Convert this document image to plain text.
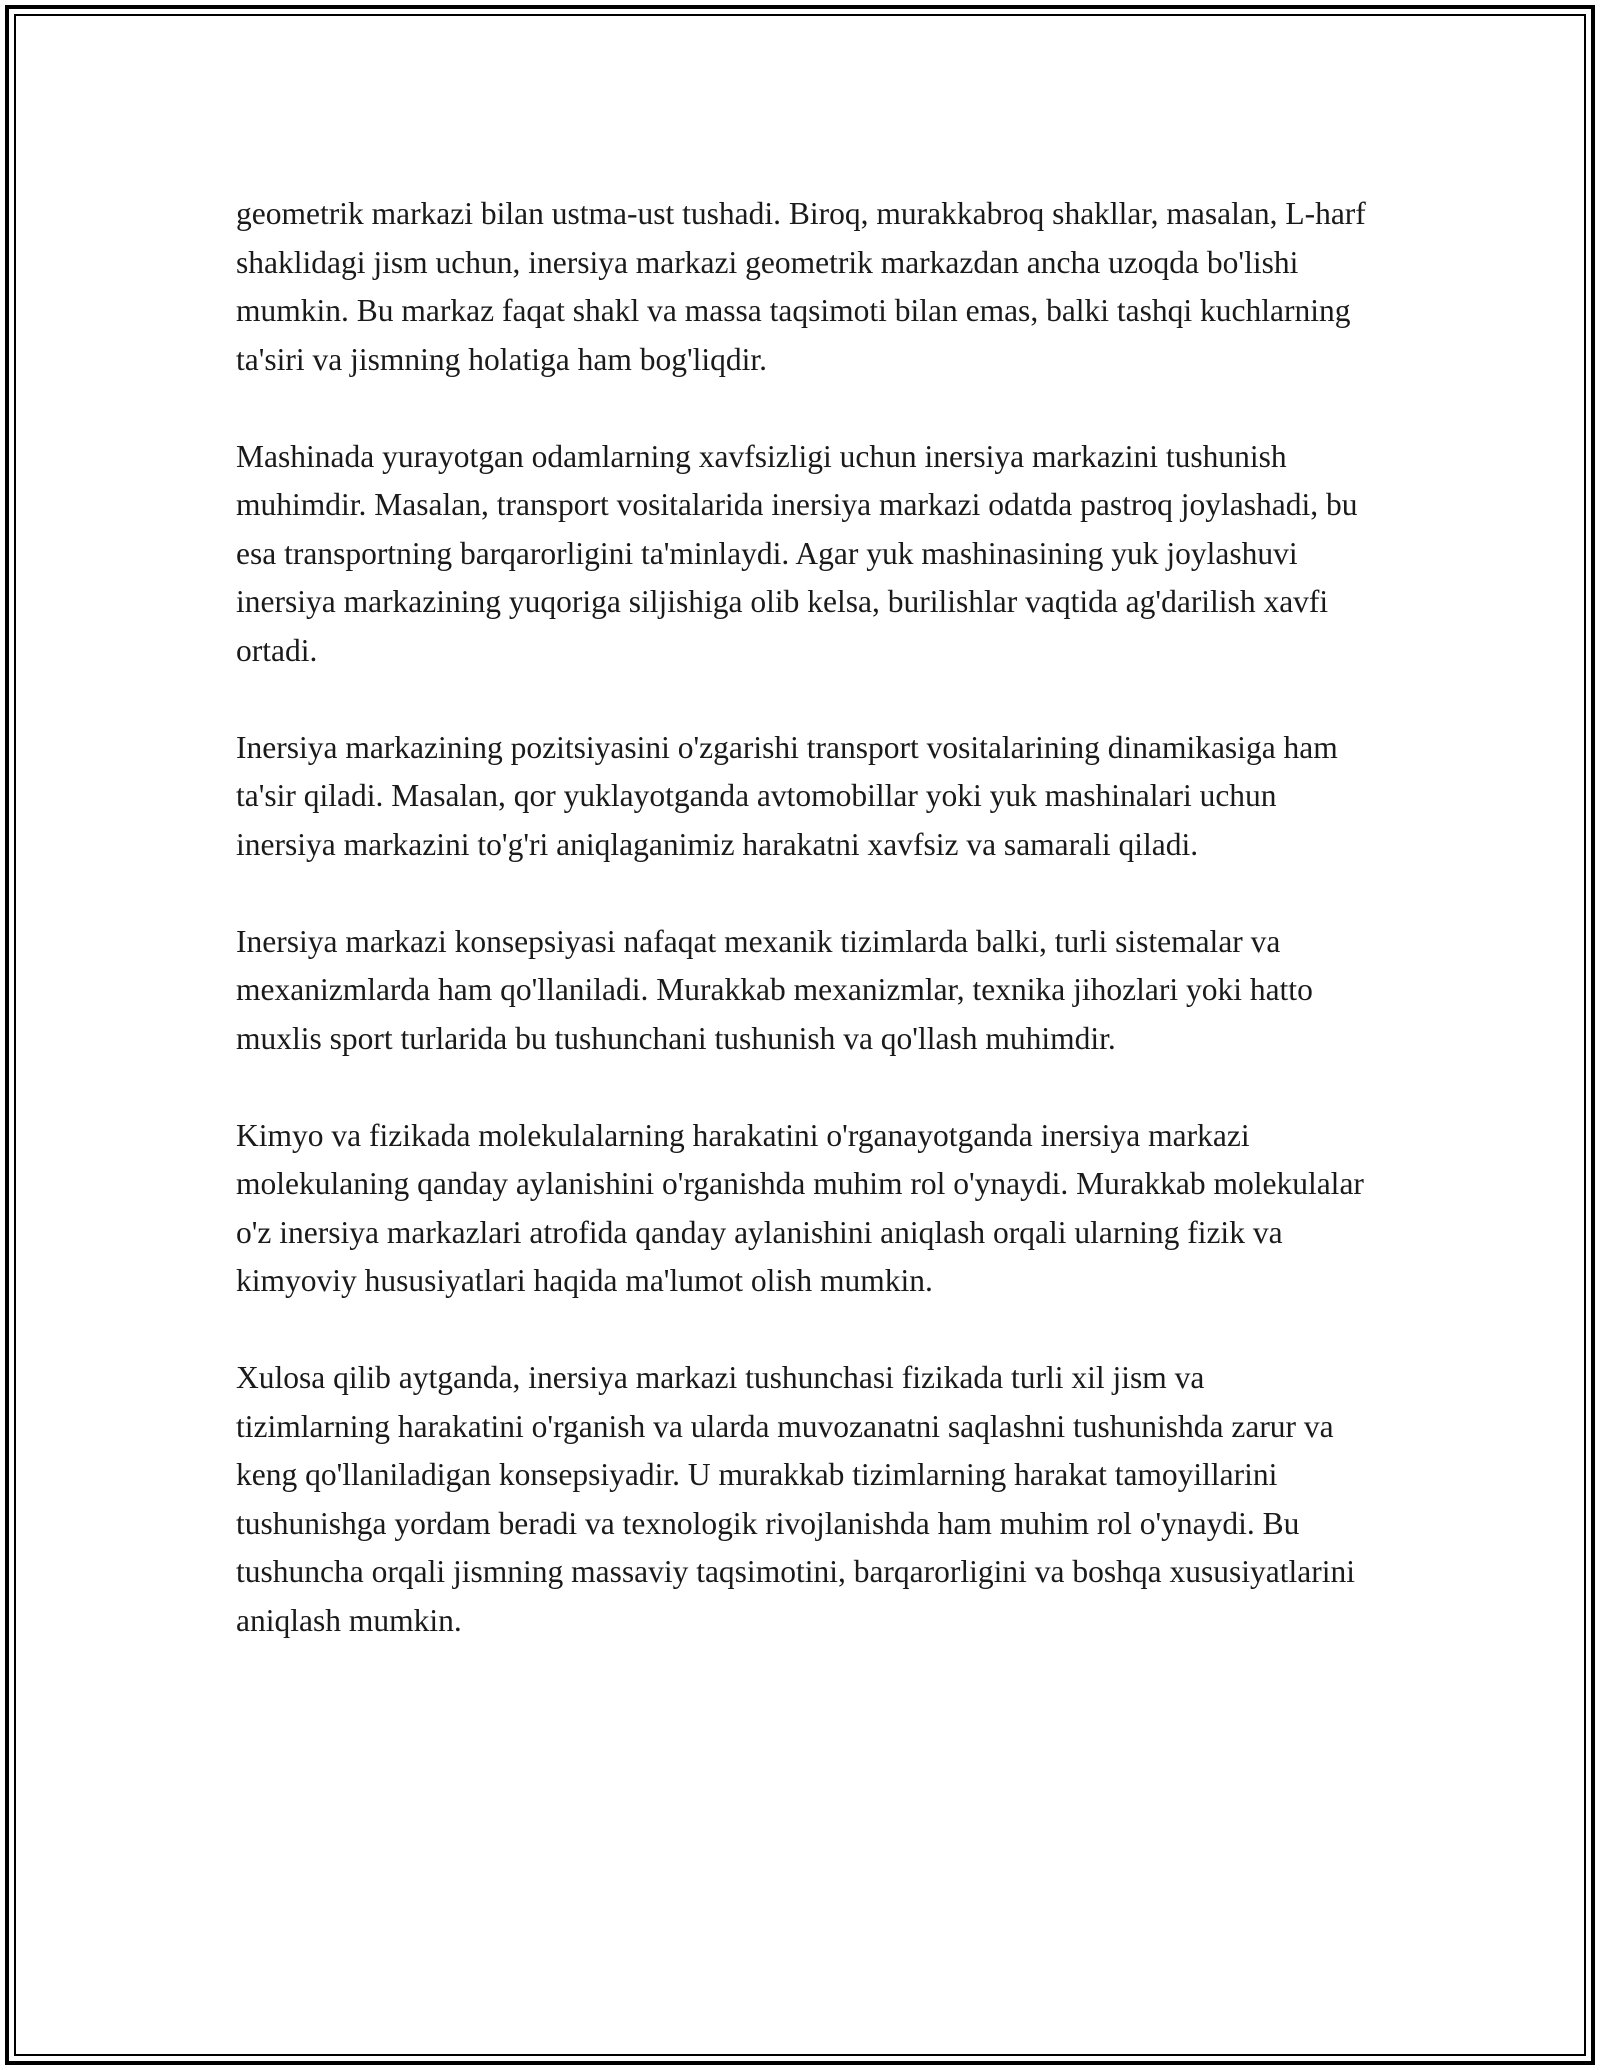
geometrik markazi bilan ustma-ust tushadi. Biroq, murakkabroq shakllar, masalan, L-harf shaklidagi jism uchun, inersiya markazi geometrik markazdan ancha uzoqda bo'lishi mumkin. Bu markaz faqat shakl va massa taqsimoti bilan emas, balki tashqi kuchlarning ta'siri va jismning holatiga ham bog'liqdir.

Mashinada yurayotgan odamlarning xavfsizligi uchun inersiya markazini tushunish muhimdir. Masalan, transport vositalarida inersiya markazi odatda pastroq joylashadi, bu esa transportning barqarorligini ta'minlaydi. Agar yuk mashinasining yuk joylashuvi inersiya markazining yuqoriga siljishiga olib kelsa, burilishlar vaqtida ag'darilish xavfi ortadi.

Inersiya markazining pozitsiyasini o'zgarishi transport vositalarining dinamikasiga ham ta'sir qiladi. Masalan, qor yuklayotganda avtomobillar yoki yuk mashinalari uchun inersiya markazini to'g'ri aniqlaganimiz harakatni xavfsiz va samarali qiladi.

Inersiya markazi konsepsiyasi nafaqat mexanik tizimlarda balki, turli sistemalar va mexanizmlarda ham qo'llaniladi. Murakkab mexanizmlar, texnika jihozlari yoki hatto muxlis sport turlarida bu tushunchani tushunish va qo'llash muhimdir.

Kimyo va fizikada molekulalarning harakatini o'rganayotganda inersiya markazi molekulaning qanday aylanishini o'rganishda muhim rol o'ynaydi. Murakkab molekulalar o'z inersiya markazlari atrofida qanday aylanishini aniqlash orqali ularning fizik va kimyoviy hususiyatlari haqida ma'lumot olish mumkin.

Xulosa qilib aytganda, inersiya markazi tushunchasi fizikada turli xil jism va tizimlarning harakatini o'rganish va ularda muvozanatni saqlashni tushunishda zarur va keng qo'llaniladigan konsepsiyadir. U murakkab tizimlarning harakat tamoyillarini tushunishga yordam beradi va texnologik rivojlanishda ham muhim rol o'ynaydi. Bu tushuncha orqali jismning massaviy taqsimotini, barqarorligini va boshqa xususiyatlarini aniqlash mumkin.
